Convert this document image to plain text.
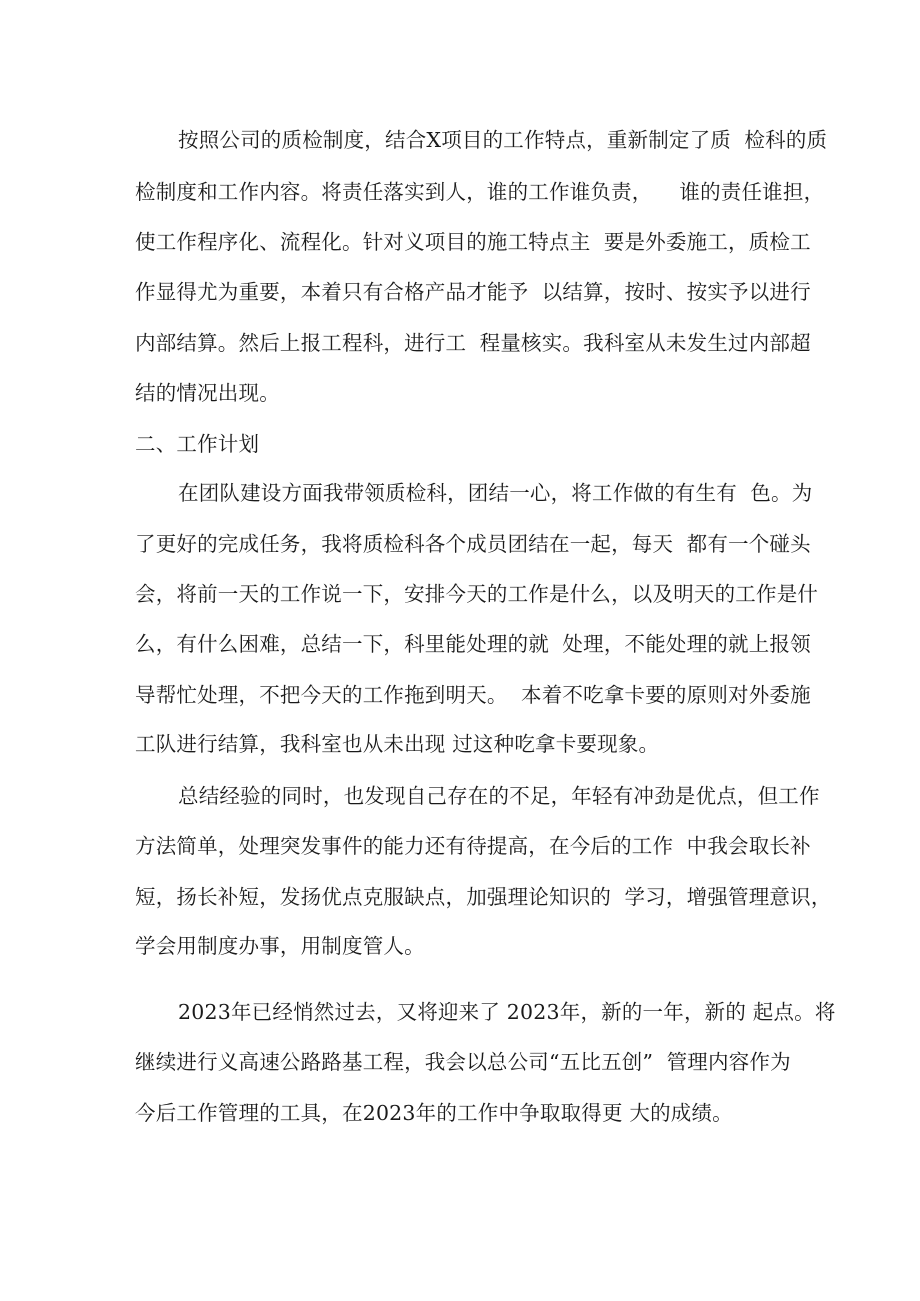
按照公司的质检制度，结合X项目的工作特点，重新制定了质  检科的质
检制度和工作内容。将责任落实到人，谁的工作谁负责，    谁的责任谁担，
使工作程序化、流程化。针对义项目的施工特点主  要是外委施工，质检工
作显得尤为重要，本着只有合格产品才能予  以结算，按时、按实予以进行
内部结算。然后上报工程科，进行工  程量核实。我科室从未发生过内部超
结的情况出现。
二、工作计划
在团队建设方面我带领质检科，团结一心，将工作做的有生有  色。为
了更好的完成任务，我将质检科各个成员团结在一起，每天  都有一个碰头
会，将前一天的工作说一下，安排今天的工作是什么，以及明天的工作是什
么，有什么困难，总结一下，科里能处理的就  处理，不能处理的就上报领
导帮忙处理，不把今天的工作拖到明天。  本着不吃拿卡要的原则对外委施
工队进行结算，我科室也从未出现 过这种吃拿卡要现象。
总结经验的同时，也发现自己存在的不足，年轻有冲劲是优点，但工作
方法简单，处理突发事件的能力还有待提高，在今后的工作  中我会取长补
短，扬长补短，发扬优点克服缺点，加强理论知识的  学习，增强管理意识，
学会用制度办事，用制度管人。
2023年已经悄然过去，又将迎来了 2023年，新的一年，新的 起点。将
继续进行义高速公路路基工程，我会以总公司“五比五创”  管理内容作为
今后工作管理的工具，在2023年的工作中争取取得更 大的成绩。
